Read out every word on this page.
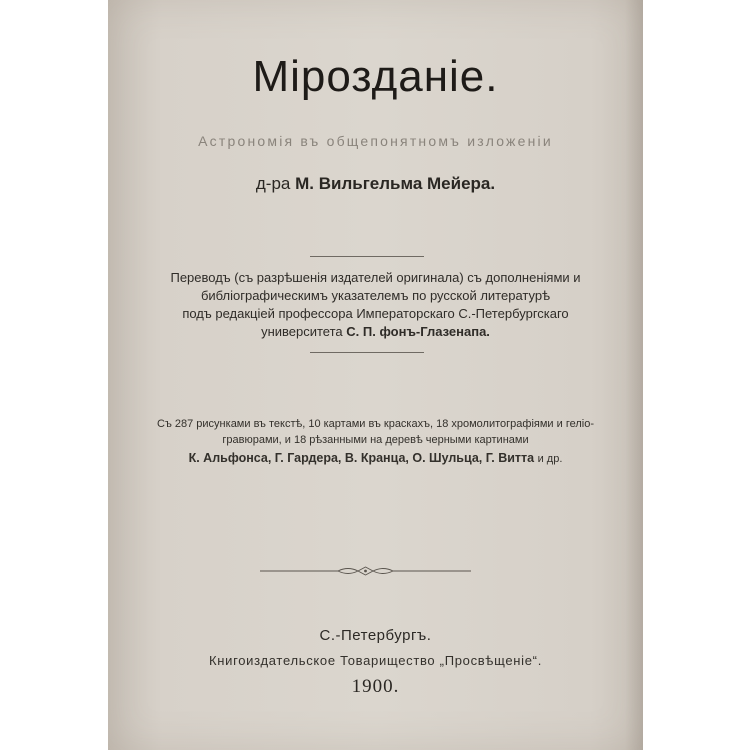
Мірозданіе.
Астрономія въ общепонятномъ изложеніи
д-ра М. Вильгельма Мейера.
Переводъ (съ разрѣшенія издателей оригинала) съ дополненіями и
библіографическимъ указателемъ по русской литературѣ
подъ редакціей профессора Императорскаго С.-Петербургскаго
университета С. П. фонъ-Глазенапа.
Съ 287 рисунками въ текстѣ, 10 картами въ краскахъ, 18 хромолитографіями и геліо-
гравюрами, и 18 рѣзанными на деревѣ черными картинами
К. Альфонса, Г. Гардера, В. Кранца, О. Шульца, Г. Витта и др.
С.-Петербургъ.
Книгоиздательское Товарищество „Просвѣщеніе“.
1900.
